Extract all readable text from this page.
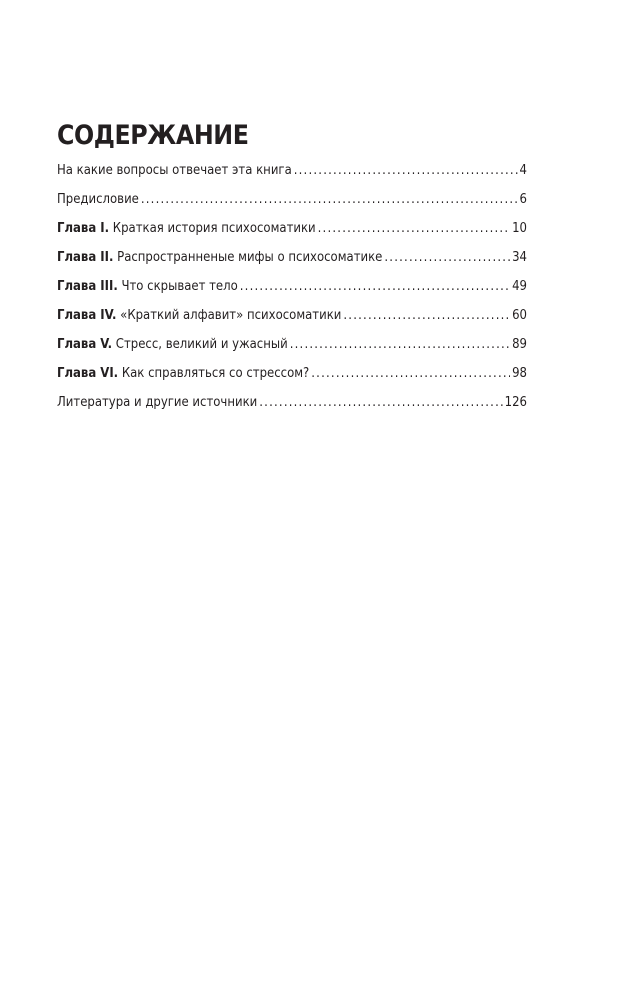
СОДЕРЖАНИЕ
На какие вопросы отвечает эта книга .....	4
Предисловие .....	6
Глава I. Краткая история психосоматики .....	10
Глава II. Распространненые мифы о психосоматике .....	34
Глава III. Что скрывает тело .....	49
Глава IV. «Краткий алфавит» психосоматики .....	60
Глава V. Стресс, великий и ужасный .....	89
Глава VI. Как справляться со стрессом? .....	98
Литература и другие источники .....	126
